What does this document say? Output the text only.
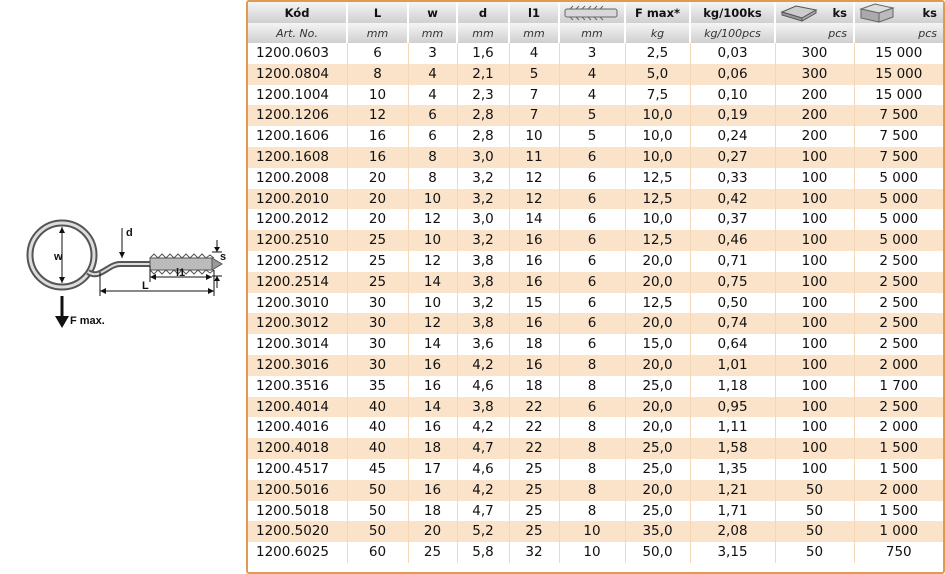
w
d
s
l1
L
F max.
Kód	L	w	d	l1		F max*	kg/100ks	ks	ks

Art. No.	mm	mm	mm	mm	mm	kg	kg/100pcs	pcs	pcs
1200.0603	6	3	1,6	4	3	2,5	0,03	300	15 000
1200.0804	8	4	2,1	5	4	5,0	0,06	300	15 000
1200.1004	10	4	2,3	7	4	7,5	0,10	200	15 000
1200.1206	12	6	2,8	7	5	10,0	0,19	200	7 500
1200.1606	16	6	2,8	10	5	10,0	0,24	200	7 500
1200.1608	16	8	3,0	11	6	10,0	0,27	100	7 500
1200.2008	20	8	3,2	12	6	12,5	0,33	100	5 000
1200.2010	20	10	3,2	12	6	12,5	0,42	100	5 000
1200.2012	20	12	3,0	14	6	10,0	0,37	100	5 000
1200.2510	25	10	3,2	16	6	12,5	0,46	100	5 000
1200.2512	25	12	3,8	16	6	20,0	0,71	100	2 500
1200.2514	25	14	3,8	16	6	20,0	0,75	100	2 500
1200.3010	30	10	3,2	15	6	12,5	0,50	100	2 500
1200.3012	30	12	3,8	16	6	20,0	0,74	100	2 500
1200.3014	30	14	3,6	18	6	15,0	0,64	100	2 500
1200.3016	30	16	4,2	16	8	20,0	1,01	100	2 000
1200.3516	35	16	4,6	18	8	25,0	1,18	100	1 700
1200.4014	40	14	3,8	22	6	20,0	0,95	100	2 500
1200.4016	40	16	4,2	22	8	20,0	1,11	100	2 000
1200.4018	40	18	4,7	22	8	25,0	1,58	100	1 500
1200.4517	45	17	4,6	25	8	25,0	1,35	100	1 500
1200.5016	50	16	4,2	25	8	20,0	1,21	50	2 000
1200.5018	50	18	4,7	25	8	25,0	1,71	50	1 500
1200.5020	50	20	5,2	25	10	35,0	2,08	50	1 000
1200.6025	60	25	5,8	32	10	50,0	3,15	50	750
